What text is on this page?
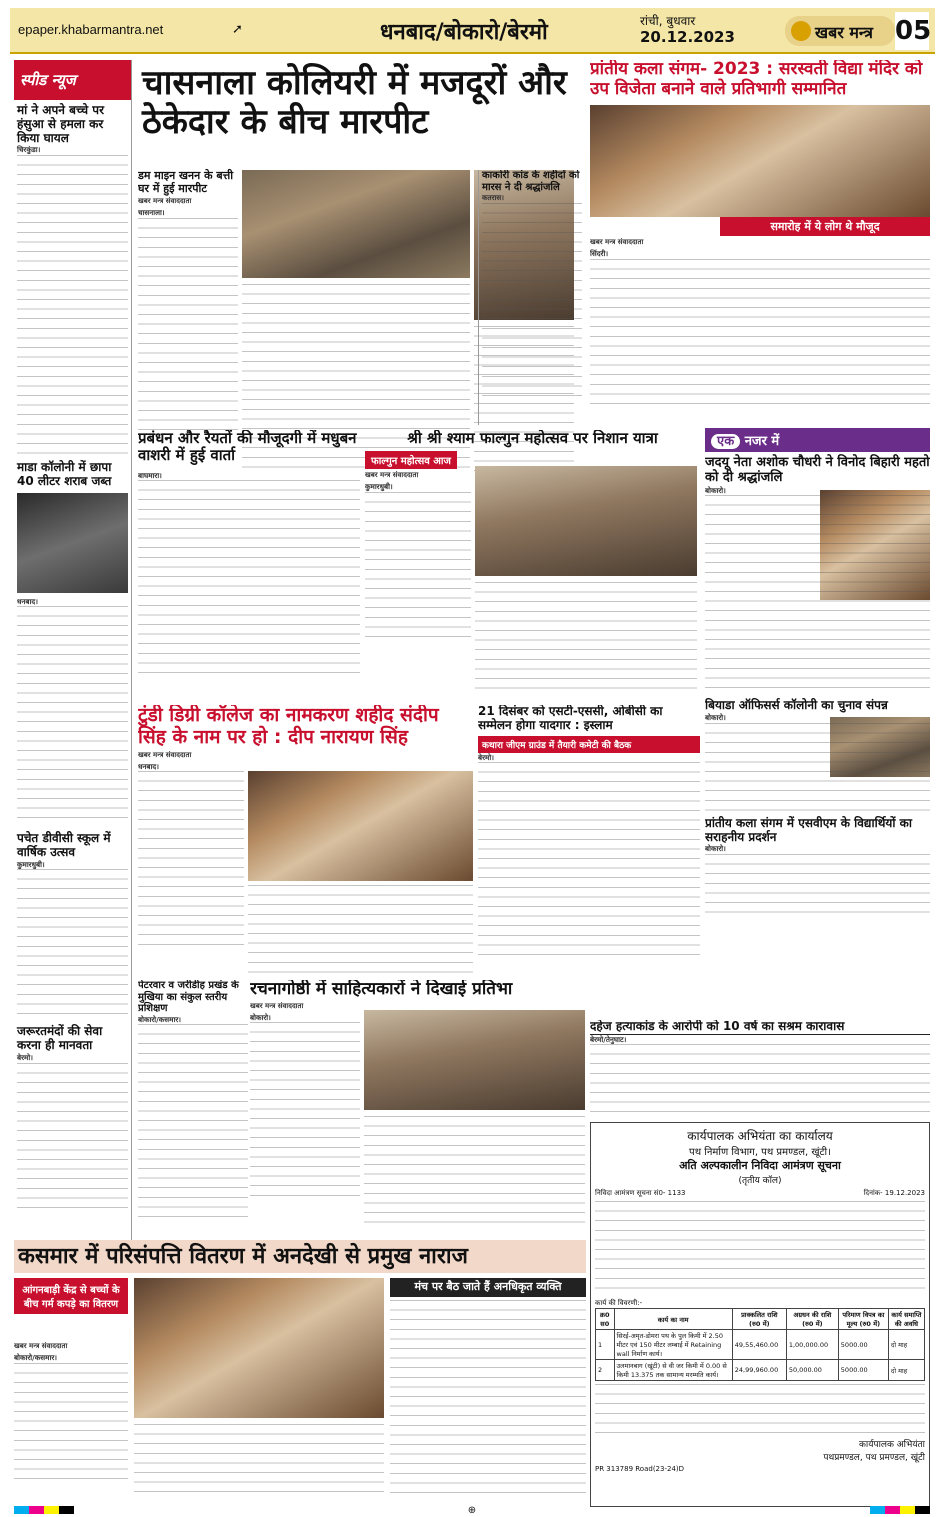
epaper.khabarmantra.net	➚	धनबाद/बोकारो/बेरमो	रांची, बुधवार
20.12.2023	खबर मन्त्र 05
स्पीड न्यूज
मां ने अपने बच्चे पर हंसुआ से हमला कर किया घायल
चिरकुंडा।
माडा कॉलोनी में छापा 40 लीटर शराब जब्त
धनबाद।
पचेत डीवीसी स्कूल में वार्षिक उत्सव
कुमारधुबी।
जरूरतमंदों की सेवा करना ही मानवता
बेरमो।
चासनाला कोलियरी में मजदूरों और ठेकेदार के बीच मारपीट
डम माइन खनन के बत्ती घर में हुई मारपीट
खबर मन्त्र संवाददाता
चासनाला।
काकोरी कांड के शहीदों को मारस ने दी श्रद्धांजलि
कतरास।
प्रांतीय कला संगम- 2023 : सरस्वती विद्या मंदिर को उप विजेता बनाने वाले प्रतिभागी सम्मानित
समारोह में ये लोग थे मौजूद
खबर मन्त्र संवाददाता
सिंदरी।
प्रबंधन और रैयतों की मौजूदगी में मधुबन वाशरी में हुई वार्ता
बाघमारा।
श्री श्री श्याम फाल्गुन महोत्सव पर निशान यात्रा
फाल्गुन महोत्सव आज
खबर मन्त्र संवाददाता
कुमारधुबी।
एक नजर में
जदयू नेता अशोक चौधरी ने विनोद बिहारी महतो को दी श्रद्धांजलि
बोकारो।
बियाडा ऑफिसर्स कॉलोनी का चुनाव संपन्न
बोकारो।
प्रांतीय कला संगम में एसवीएम के विद्यार्थियों का सराहनीय प्रदर्शन
बोकारो।
टुंडी डिग्री कॉलेज का नामकरण शहीद संदीप सिंह के नाम पर हो : दीप नारायण सिंह
खबर मन्त्र संवाददाता
धनबाद।
21 दिसंबर को एसटी-एससी, ओबीसी का सम्मेलन होगा यादगार : इस्लाम
कथारा जीएम ग्राउंड में तैयारी कमेटी की बैठक
बेरमो।
पेटरवार व जरीडीह प्रखंड के मुखिया का संकुल स्तरीय प्रशिक्षण
बोकारो/कसमार।
रचनागोष्ठी में साहित्यकारों ने दिखाई प्रतिभा
खबर मन्त्र संवाददाता
बोकारो।
दहेज हत्याकांड के आरोपी को 10 वर्ष का सश्रम कारावास
बेरमो/तेनुघाट।
कार्यपालक अभियंता का कार्यालय
पथ निर्माण विभाग, पथ प्रमण्डल, खूंटी।
अति अल्पकालीन निविदा आमंत्रण सूचना
(तृतीय कॉल)
निविदा आमंत्रण सूचना सं0- 1133	दिनांक- 19.12.2023
कार्य की विवरणी:-
क्र0 स0	कार्य का नाम	प्राक्कलित राशि (रु0 में)	अग्रधन की राशि (रु0 में)	परिमाण विपत्र का मूल्य (रु0 में)	कार्य समाप्ति की अवधि
1	सिरई-अमृत-डोमरा पथ के पुल किमी में 2.50 मीटर एवं 150 मीटर लम्बाई में Retaining wall निर्माण कार्य।	49,55,460.00	1,00,000.00	5000.00	दो माह
2	उलमानबाग (खूंटी) से वी जर किमी में 0.00 से किमी 13.375 तक सामान्य मरम्मति कार्य।	24,99,960.00	50,000.00	5000.00	दो माह
कार्यपालक अभियंता
पथप्रमण्डल, पथ प्रमण्डल, खूंटी
PR 313789 Road(23-24)D
कसमार में परिसंपत्ति वितरण में अनदेखी से प्रमुख नाराज
आंगनबाड़ी केंद्र से बच्चों के बीच गर्म कपड़े का वितरण
खबर मन्त्र संवाददाता
बोकारो/कसमार।
मंच पर बैठ जाते हैं अनधिकृत व्यक्ति
⊕
